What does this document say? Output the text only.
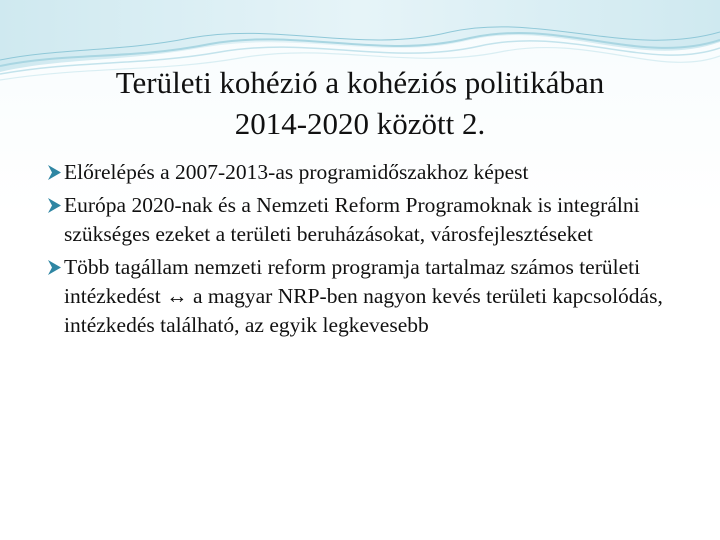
Területi kohézió a kohéziós politikában
2014-2020 között 2.
Előrelépés a 2007-2013-as programidőszakhoz képest
Európa 2020-nak és a Nemzeti Reform Programoknak is integrálni szükséges ezeket a területi beruházásokat, városfejlesztéseket
Több tagállam nemzeti reform programja tartalmaz számos területi intézkedést ↔ a magyar NRP-ben nagyon kevés területi kapcsolódás, intézkedés található, az egyik legkevesebb
